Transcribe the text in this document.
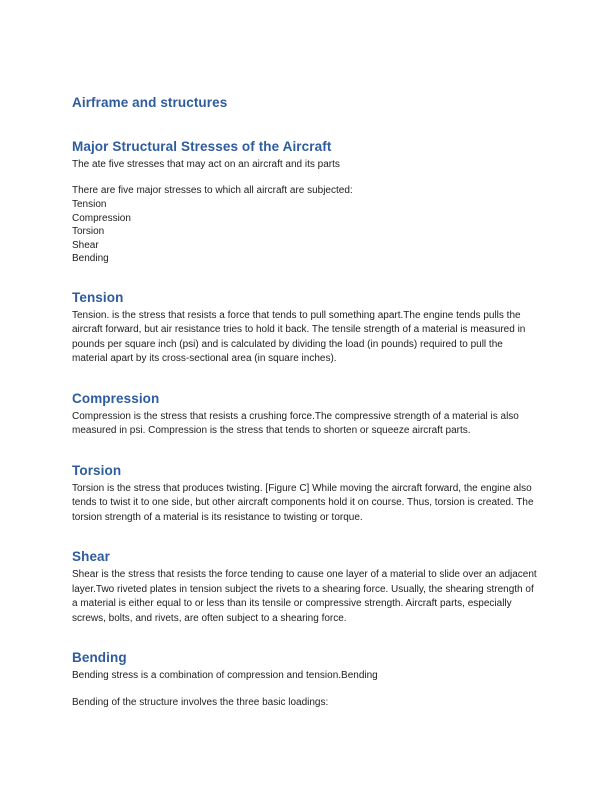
Airframe and structures
Major Structural Stresses of the Aircraft

The ate five stresses that may act on an aircraft and its parts

There are five major stresses to which all aircraft are subjected:

Tension

Compression

Torsion

Shear

Bending

Tension

Tension. is the stress that resists a force that tends to pull something apart.The engine tends pulls the aircraft forward, but air resistance tries to hold it back. The tensile strength of a material is measured in pounds per square inch (psi) and is calculated by dividing the load (in pounds) required to pull the material apart by its cross-sectional area (in square inches).

Compression

Compression is the stress that resists a crushing force.The compressive strength of a material is also measured in psi. Compression is the stress that tends to shorten or squeeze aircraft parts.

Torsion

Torsion is the stress that produces twisting. [Figure C] While moving the aircraft forward, the engine also tends to twist it to one side, but other aircraft components hold it on course. Thus, torsion is created. The torsion strength of a material is its resistance to twisting or torque.

Shear

Shear is the stress that resists the force tending to cause one layer of a material to slide over an adjacent layer.Two riveted plates in tension subject the rivets to a shearing force. Usually, the shearing strength of a material is either equal to or less than its tensile or compressive strength. Aircraft parts, especially screws, bolts, and rivets, are often subject to a shearing force.

Bending

Bending stress is a combination of compression and tension.Bending

Bending of the structure involves the three basic loadings:
